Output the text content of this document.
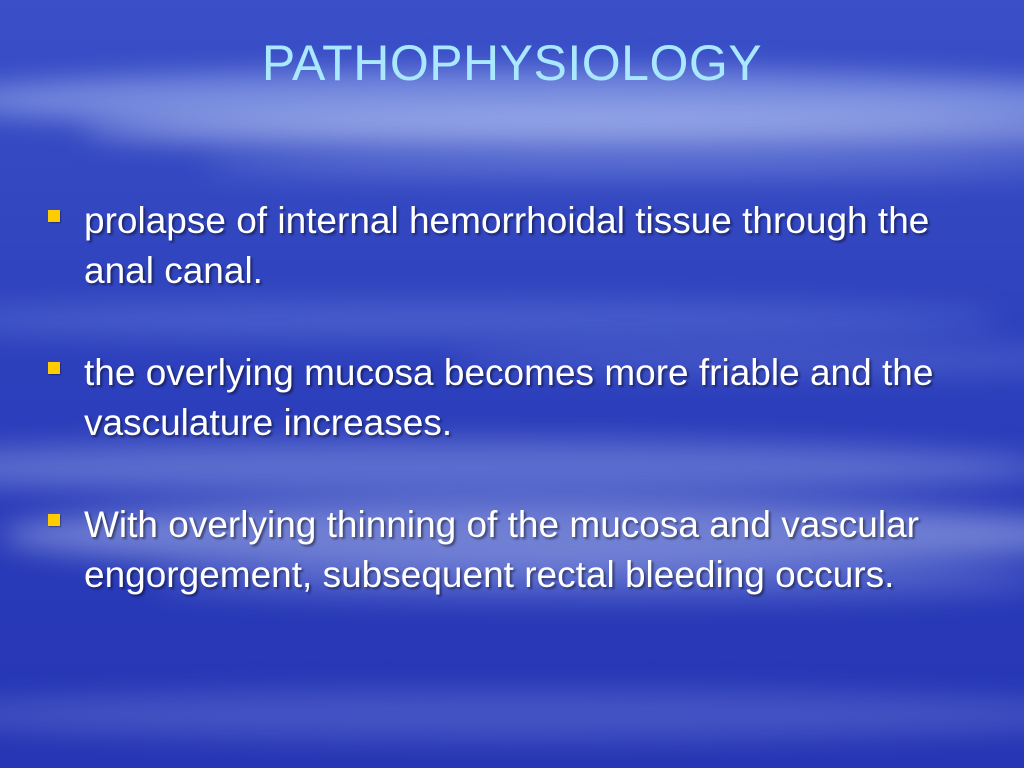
PATHOPHYSIOLOGY
prolapse of internal hemorrhoidal tissue through the anal canal.
the overlying mucosa becomes more friable and the vasculature increases.
With overlying thinning of the mucosa and vascular engorgement, subsequent rectal bleeding occurs.
